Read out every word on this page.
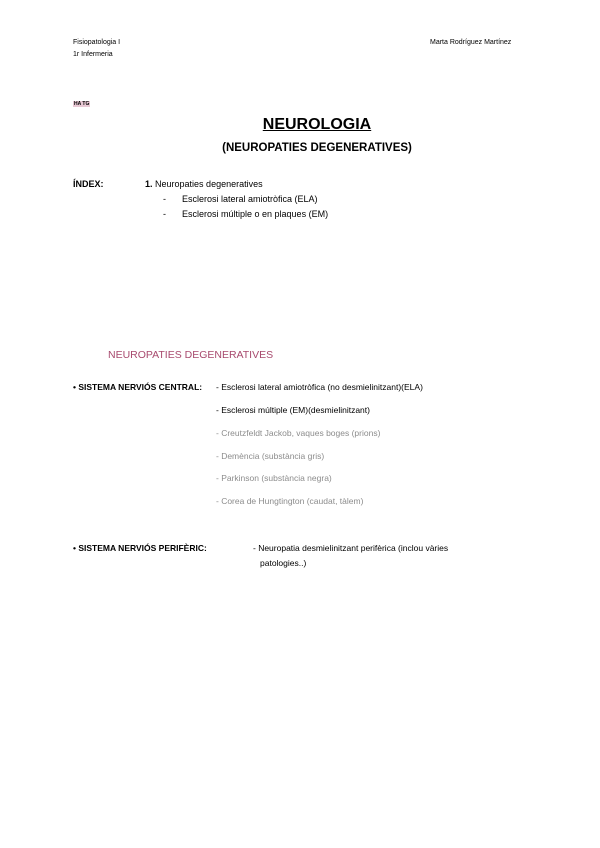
Fisiopatologia I
1r Infermeria
Marta Rodríguez Martínez
HA TG
NEUROLOGIA
(NEUROPATIES DEGENERATIVES)
ÍNDEX:	1. Neuropaties degeneratives
- Esclerosi lateral amiotròfica (ELA)
- Esclerosi múltiple o en plaques (EM)
NEUROPATIES DEGENERATIVES
• SISTEMA NERVIÓS CENTRAL: - Esclerosi lateral amiotròfica (no desmielinitzant)(ELA)
- Esclerosi múltiple (EM)(desmielinitzant)
- Creutzfeldt Jackob, vaques boges (prions)
- Demència (substància gris)
- Parkinson (substància negra)
- Corea de Hungtington (caudat, tàlem)
• SISTEMA NERVIÓS PERIFÈRIC:	- Neuropatia desmielinitzant perifèrica (inclou vàries
patologies..)
